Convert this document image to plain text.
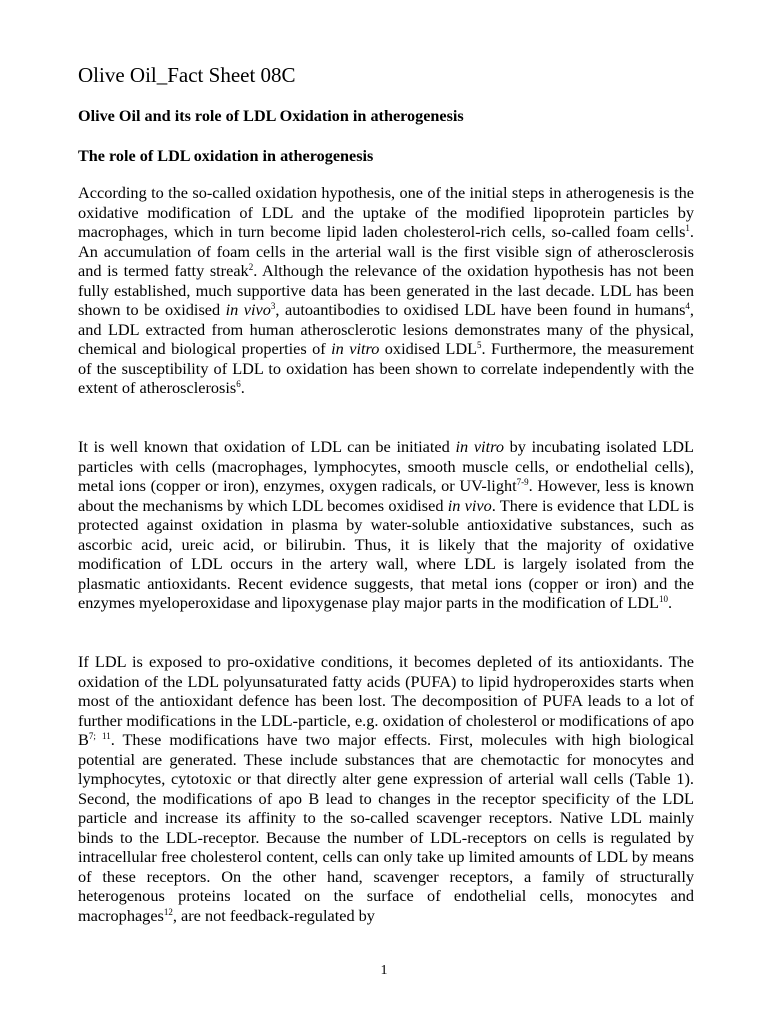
Olive Oil_Fact Sheet 08C
Olive Oil and its role of LDL Oxidation in atherogenesis
The role of LDL oxidation in atherogenesis

According to the so-called oxidation hypothesis, one of the initial steps in atherogenesis is the oxidative modification of LDL and the uptake of the modified lipoprotein particles by macrophages, which in turn become lipid laden cholesterol-rich cells, so-called foam cells$^1$. An accumulation of foam cells in the arterial wall is the first visible sign of atherosclerosis and is termed fatty streak$^2$. Although the relevance of the oxidation hypothesis has not been fully established, much supportive data has been generated in the last decade. LDL has been shown to be oxidised in vivo$^3$, autoantibodies to oxidised LDL have been found in humans$^4$, and LDL extracted from human atherosclerotic lesions demonstrates many of the physical, chemical and biological properties of in vitro oxidised LDL$^5$. Furthermore, the measurement of the susceptibility of LDL to oxidation has been shown to correlate independently with the extent of atherosclerosis$^6$.

It is well known that oxidation of LDL can be initiated in vitro by incubating isolated LDL particles with cells (macrophages, lymphocytes, smooth muscle cells, or endothelial cells), metal ions (copper or iron), enzymes, oxygen radicals, or UV-light$^{7-9}$. However, less is known about the mechanisms by which LDL becomes oxidised in vivo. There is evidence that LDL is protected against oxidation in plasma by water-soluble antioxidative substances, such as ascorbic acid, ureic acid, or bilirubin. Thus, it is likely that the majority of oxidative modification of LDL occurs in the artery wall, where LDL is largely isolated from the plasmatic antioxidants. Recent evidence suggests, that metal ions (copper or iron) and the enzymes myeloperoxidase and lipoxygenase play major parts in the modification of LDL$^{10}$.

If LDL is exposed to pro-oxidative conditions, it becomes depleted of its antioxidants. The oxidation of the LDL polyunsaturated fatty acids (PUFA) to lipid hydroperoxides starts when most of the antioxidant defence has been lost. The decomposition of PUFA leads to a lot of further modifications in the LDL-particle, e.g. oxidation of cholesterol or modifications of apo $B^{7; 11}$. These modifications have two major effects. First, molecules with high biological potential are generated. These include substances that are chemotactic for monocytes and lymphocytes, cytotoxic or that directly alter gene expression of arterial wall cells (Table 1). Second, the modifications of apo B lead to changes in the receptor specificity of the LDL particle and increase its affinity to the so-called scavenger receptors. Native LDL mainly binds to the LDL-receptor. Because the number of LDL-receptors on cells is regulated by intracellular free cholesterol content, cells can only take up limited amounts of LDL by means of these receptors. On the other hand, scavenger receptors, a family of structurally heterogenous proteins located on the surface of endothelial cells, monocytes and macrophages$^{12}$, are not feedback-regulated by

1
